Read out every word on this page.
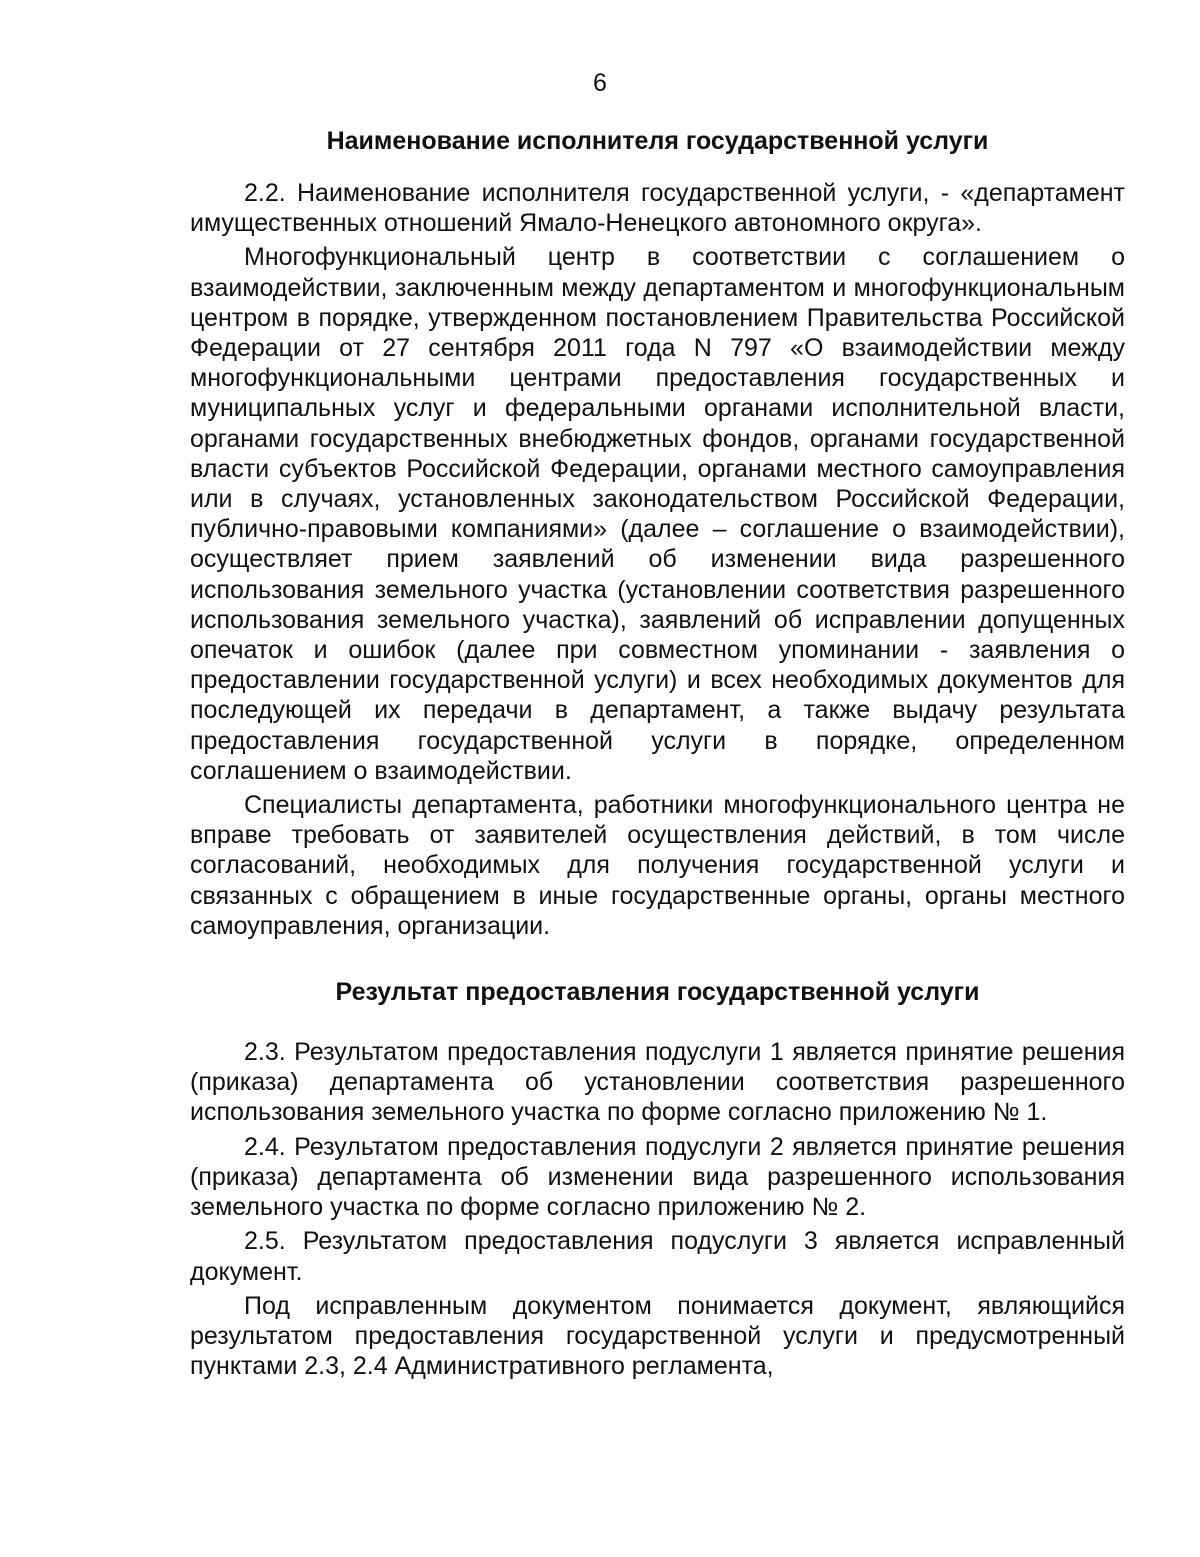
6
Наименование исполнителя государственной услуги

2.2. Наименование исполнителя государственной услуги, - «департамент имущественных отношений Ямало-Ненецкого автономного округа».

Многофункциональный центр в соответствии с соглашением о взаимодействии, заключенным между департаментом и многофункциональным центром в порядке, утвержденном постановлением Правительства Российской Федерации от 27 сентября 2011 года N 797 «О взаимодействии между многофункциональными центрами предоставления государственных и муниципальных услуг и федеральными органами исполнительной власти, органами государственных внебюджетных фондов, органами государственной власти субъектов Российской Федерации, органами местного самоуправления или в случаях, установленных законодательством Российской Федерации, публично-правовыми компаниями» (далее – соглашение о взаимодействии), осуществляет прием заявлений об изменении вида разрешенного использования земельного участка (установлении соответствия разрешенного использования земельного участка), заявлений об исправлении допущенных опечаток и ошибок (далее при совместном упоминании - заявления о предоставлении государственной услуги) и всех необходимых документов для последующей их передачи в департамент, а также выдачу результата предоставления государственной услуги в порядке, определенном соглашением о взаимодействии.

Специалисты департамента, работники многофункционального центра не вправе требовать от заявителей осуществления действий, в том числе согласований, необходимых для получения государственной услуги и связанных с обращением в иные государственные органы, органы местного самоуправления, организации.

Результат предоставления государственной услуги

2.3. Результатом предоставления подуслуги 1 является принятие решения (приказа) департамента об установлении соответствия разрешенного использования земельного участка по форме согласно приложению № 1.

2.4. Результатом предоставления подуслуги 2 является принятие решения (приказа) департамента об изменении вида разрешенного использования земельного участка по форме согласно приложению № 2.

2.5. Результатом предоставления подуслуги 3 является исправленный документ.

Под исправленным документом понимается документ, являющийся результатом предоставления государственной услуги и предусмотренный пунктами 2.3, 2.4 Административного регламента,
